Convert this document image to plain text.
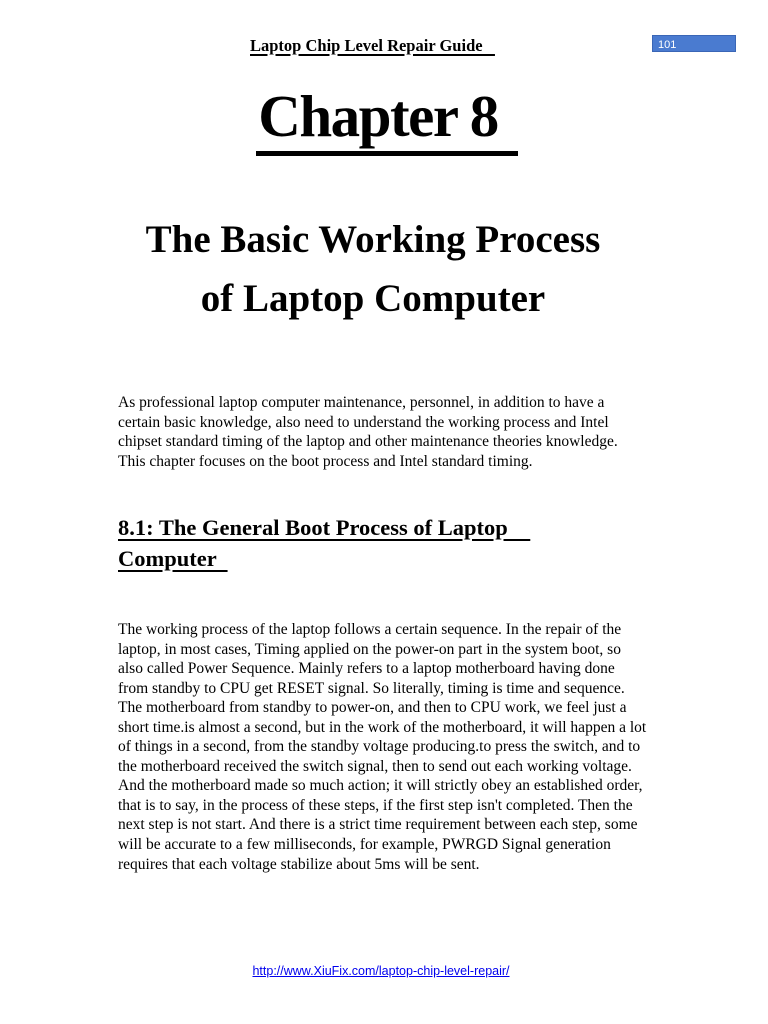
Laptop Chip Level Repair Guide	101
Chapter 8
The Basic Working Process
of Laptop Computer

As professional laptop computer maintenance, personnel, in addition to have a certain basic knowledge, also need to understand the working process and Intel chipset standard timing of the laptop and other maintenance theories knowledge. This chapter focuses on the boot process and Intel standard timing.

8.1: The General Boot Process of Laptop
Computer

The working process of the laptop follows a certain sequence. In the repair of the laptop, in most cases, Timing applied on the power-on part in the system boot, so also called Power Sequence. Mainly refers to a laptop motherboard having done from standby to CPU get RESET signal. So literally, timing is time and sequence. The motherboard from standby to power-on, and then to CPU work, we feel just a short time.is almost a second, but in the work of the motherboard, it will happen a lot of things in a second, from the standby voltage producing.to press the switch, and to the motherboard received the switch signal, then to send out each working voltage. And the motherboard made so much action; it will strictly obey an established order, that is to say, in the process of these steps, if the first step isn't completed. Then the next step is not start. And there is a strict time requirement between each step, some will be accurate to a few milliseconds, for example, PWRGD Signal generation requires that each voltage stabilize about 5ms will be sent.

http://www.XiuFix.com/laptop-chip-level-repair/
